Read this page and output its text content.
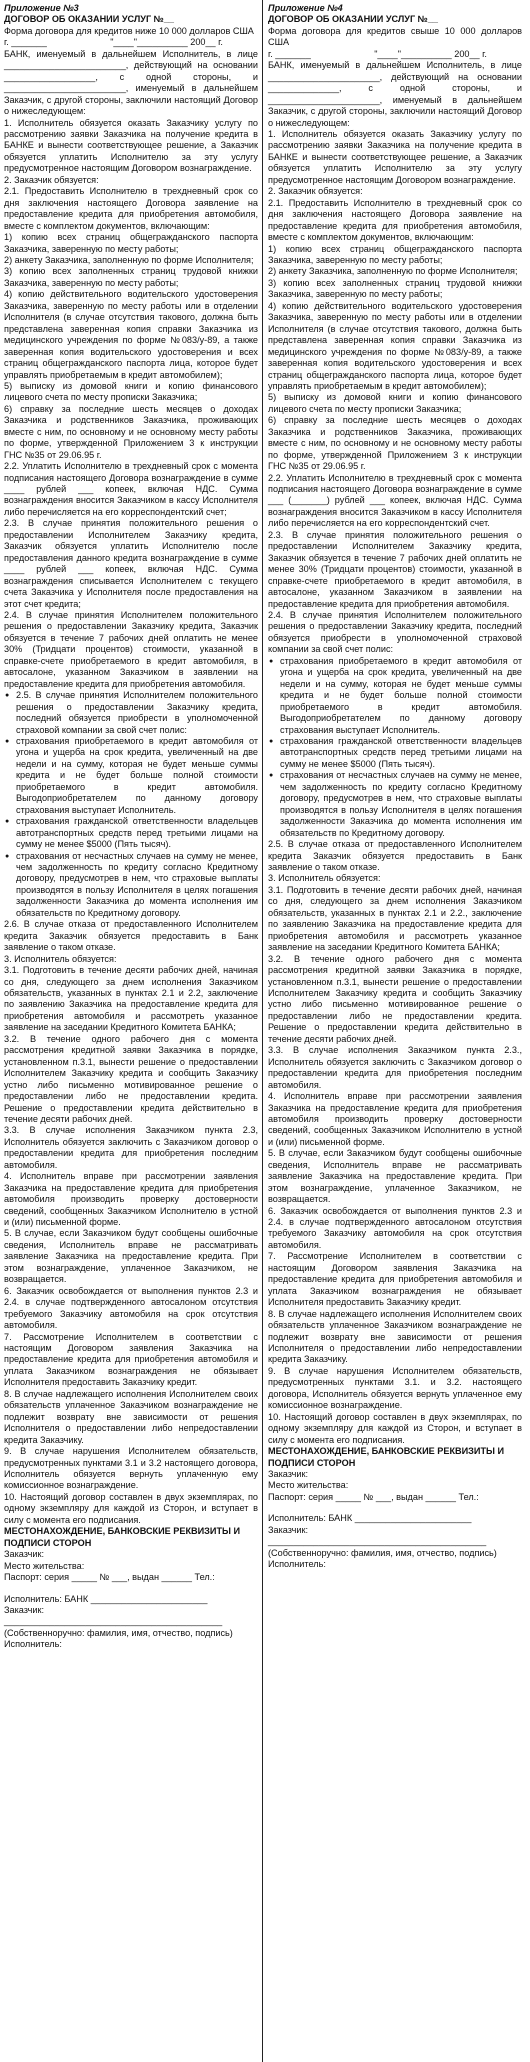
Приложение №3
ДОГОВОР ОБ ОКАЗАНИИ УСЛУГ №__
Форма договора для кредитов ниже 10 000 долларов США
г. _______                         "____"__________ 200__ г.
БАНК, именуемый в дальнейшем Исполнитель, в лице ________________________, действующий на основании __________________, с одной стороны, и ________________________, именуемый в дальнейшем Заказчик, с другой стороны, заключили настоящий Договор о нижеследующем:
1. Исполнитель обязуется оказать Заказчику услугу по рассмотрению заявки Заказчика на получение кредита в БАНКЕ и вынести соответствующее решение, а Заказчик обязуется уплатить Исполнителю за эту услугу предусмотренное настоящим Договором вознаграждение.
2. Заказчик обязуется:
2.1. Предоставить Исполнителю в трехдневный срок со дня заключения настоящего Договора заявление на предоставление кредита для приобретения автомобиля, вместе с комплектом документов, включающим:
1) копию всех страниц общегражданского паспорта Заказчика, заверенную по месту работы;
2) анкету Заказчика, заполненную по форме Исполнителя;
3) копию всех заполненных страниц трудовой книжки Заказчика, заверенную по месту работы;
4) копию действительного водительского удостоверения Заказчика, заверенную по месту работы или в отделении Исполнителя (в случае отсутствия такового, должна быть представлена заверенная копия справки Заказчика из медицинского учреждения по форме №083/у-89, а также заверенная копия водительского удостоверения и всех страниц общегражданского паспорта лица, которое будет управлять приобретаемым в кредит автомобилем);
5) выписку из домовой книги и копию финансового лицевого счета по месту прописки Заказчика;
6) справку за последние шесть месяцев о доходах Заказчика и родственников Заказчика, проживающих вместе с ним, по основному и не основному месту работы по форме, утвержденной Приложением 3 к инструкции ГНС №35 от 29.06.95 г.
2.2. Уплатить Исполнителю в трехдневный срок с момента подписания настоящего Договора вознаграждение в сумме ____ рублей ___ копеек, включая НДС. Сумма вознаграждения вносится Заказчиком в кассу Исполнителя либо перечисляется на его корреспондентский счет;
2.3. В случае принятия положительного решения о предоставлении Исполнителем Заказчику кредита, Заказчик обязуется уплатить Исполнителю после предоставления данного кредита вознаграждение в сумме ____ рублей ___ копеек, включая НДС. Сумма вознаграждения списывается Исполнителем с текущего счета Заказчика у Исполнителя после предоставления на этот счет кредита;
2.4. В случае принятия Исполнителем положительного решения о предоставлении Заказчику кредита, Заказчик обязуется в течение 7 рабочих дней оплатить не менее 30% (Тридцати процентов) стоимости, указанной в справке-счете приобретаемого в кредит автомобиля, в автосалоне, указанном Заказчиком в заявлении на предоставление кредита для приобретения автомобиля.
● 2.5. В случае принятия Исполнителем положительного решения о предоставлении Заказчику кредита, последний обязуется приобрести в уполномоченной страховой компании за свой счет полис:
● страхования приобретаемого в кредит автомобиля от угона и ущерба на срок кредита, увеличенный на две недели и на сумму, которая не будет меньше суммы кредита и не будет больше полной стоимости приобретаемого в кредит автомобиля. Выгодоприобретателем по данному договору страхования выступает Исполнитель.
● страхования гражданской ответственности владельцев автотранспортных средств перед третьими лицами на сумму не менее $5000 (Пять тысяч).
● страхования от несчастных случаев на сумму не менее, чем задолженность по кредиту согласно Кредитному договору, предусмотрев в нем, что страховые выплаты производятся в пользу Исполнителя в целях погашения задолженности Заказчика до момента исполнения им обязательств по Кредитному договору.
2.6. В случае отказа от предоставленного Исполнителем кредита Заказчик обязуется предоставить в Банк заявление о таком отказе.
3. Исполнитель обязуется:
3.1. Подготовить в течение десяти рабочих дней, начиная со дня, следующего за днем исполнения Заказчиком обязательств, указанных в пунктах 2.1 и 2.2, заключение по заявлению Заказчика на предоставление кредита для приобретения автомобиля и рассмотреть указанное заявление на заседании Кредитного Комитета БАНКА;
3.2. В течение одного рабочего дня с момента рассмотрения кредитной заявки Заказчика в порядке, установленном п.3.1, вынести решение о предоставлении Исполнителем Заказчику кредита и сообщить Заказчику устно либо письменно мотивированное решение о предоставлении либо не предоставлении кредита. Решение о предоставлении кредита действительно в течение десяти рабочих дней.
3.3. В случае исполнения Заказчиком пункта 2.3, Исполнитель обязуется заключить с Заказчиком договор о предоставлении кредита для приобретения последним автомобиля.
4. Исполнитель вправе при рассмотрении заявления Заказчика на предоставление кредита для приобретения автомобиля производить проверку достоверности сведений, сообщенных Заказчиком Исполнителю в устной и (или) письменной форме.
5. В случае, если Заказчиком будут сообщены ошибочные сведения, Исполнитель вправе не рассматривать заявление Заказчика на предоставление кредита. При этом вознаграждение, уплаченное Заказчиком, не возвращается.
6. Заказчик освобождается от выполнения пунктов 2.3 и 2.4. в случае подтвержденного автосалоном отсутствия требуемого Заказчику автомобиля на срок отсутствия автомобиля.
7. Рассмотрение Исполнителем в соответствии с настоящим Договором заявления Заказчика на предоставление кредита для приобретения автомобиля и уплата Заказчиком вознаграждения не обязывает Исполнителя предоставить Заказчику кредит.
8. В случае надлежащего исполнения Исполнителем своих обязательств уплаченное Заказчиком вознаграждение не подлежит возврату вне зависимости от решения Исполнителя о предоставлении либо непредоставлении кредита Заказчику.
9. В случае нарушения Исполнителем обязательств, предусмотренных пунктами 3.1 и 3.2 настоящего договора, Исполнитель обязуется вернуть уплаченную ему комиссионное вознаграждение.
10. Настоящий договор составлен в двух экземплярах, по одному экземпляру для каждой из Сторон, и вступает в силу с момента его подписания.
МЕСТОНАХОЖДЕНИЕ, БАНКОВСКИЕ РЕКВИЗИТЫ И ПОДПИСИ СТОРОН
Заказчик:
Место жительства:
Паспорт: серия _____ № ___, выдан ______ Тел.:
Исполнитель: БАНК _______________________
Заказчик:
___________________________________________
(Собственноручно: фамилия, имя, отчество, подпись)
Исполнитель:
Приложение №4
ДОГОВОР ОБ ОКАЗАНИИ УСЛУГ №__
Форма договора для кредитов свыше 10 000 долларов США
г. _______                         "____"__________ 200__ г.
БАНК, именуемый в дальнейшем Исполнитель, в лице ______________________, действующий на основании ______________, с одной стороны, и ______________________, именуемый в дальнейшем Заказчик, с другой стороны, заключили настоящий Договор о нижеследующем:
1. Исполнитель обязуется оказать Заказчику услугу по рассмотрению заявки Заказчика на получение кредита в БАНКЕ и вынести соответствующее решение, а Заказчик обязуется уплатить Исполнителю за эту услугу предусмотренное настоящим Договором вознаграждение.
2. Заказчик обязуется:
2.1. Предоставить Исполнителю в трехдневный срок со дня заключения настоящего Договора заявление на предоставление кредита для приобретения автомобиля, вместе с комплектом документов, включающим:
1) копию всех страниц общегражданского паспорта Заказчика, заверенную по месту работы;
2) анкету Заказчика, заполненную по форме Исполнителя;
3) копию всех заполненных страниц трудовой книжки Заказчика, заверенную по месту работы;
4) копию действительного водительского удостоверения Заказчика, заверенную по месту работы или в отделении Исполнителя (в случае отсутствия такового, должна быть представлена заверенная копия справки Заказчика из медицинского учреждения по форме №083/у-89, а также заверенная копия водительского удостоверения и всех страниц общегражданского паспорта лица, которое будет управлять приобретаемым в кредит автомобилем);
5) выписку из домовой книги и копию финансового лицевого счета по месту прописки Заказчика;
6) справку за последние шесть месяцев о доходах Заказчика и родственников Заказчика, проживающих вместе с ним, по основному и не основному месту работы по форме, утвержденной Приложением 3 к инструкции ГНС №35 от 29.06.95 г.
2.2. Уплатить Исполнителю в трехдневный срок с момента подписания настоящего Договора вознаграждение в сумме ___ (_______) рублей ___ копеек, включая НДС. Сумма вознаграждения вносится Заказчиком в кассу Исполнителя либо перечисляется на его корреспондентский счет.
2.3. В случае принятия положительного решения о предоставлении Исполнителем Заказчику кредита, Заказчик обязуется в течение 7 рабочих дней оплатить не менее 30% (Тридцати процентов) стоимости, указанной в справке-счете приобретаемого в кредит автомобиля, в автосалоне, указанном Заказчиком в заявлении на предоставление кредита для приобретения автомобиля.
2.4. В случае принятия Исполнителем положительного решения о предоставлении Заказчику кредита, последний обязуется приобрести в уполномоченной страховой компании за свой счет полис:
● страхования приобретаемого в кредит автомобиля от угона и ущерба на срок кредита, увеличенный на две недели и на сумму, которая не будет меньше суммы кредита и не будет больше полной стоимости приобретаемого в кредит автомобиля. Выгодоприобретателем по данному договору страхования выступает Исполнитель.
● страхования гражданской ответственности владельцев автотранспортных средств перед третьими лицами на сумму не менее $5000 (Пять тысяч).
● страхования от несчастных случаев на сумму не менее, чем задолженность по кредиту согласно Кредитному договору, предусмотрев в нем, что страховые выплаты производятся в пользу Исполнителя в целях погашения задолженности Заказчика до момента исполнения им обязательств по Кредитному договору.
2.5. В случае отказа от предоставленного Исполнителем кредита Заказчик обязуется предоставить в Банк заявление о таком отказе.
3. Исполнитель обязуется:
3.1. Подготовить в течение десяти рабочих дней, начиная со дня, следующего за днем исполнения Заказчиком обязательств, указанных в пунктах 2.1 и 2.2., заключение по заявлению Заказчика на предоставление кредита для приобретения автомобиля и рассмотреть указанное заявление на заседании Кредитного Комитета БАНКА;
3.2. В течение одного рабочего дня с момента рассмотрения кредитной заявки Заказчика в порядке, установленном п.3.1, вынести решение о предоставлении Исполнителем Заказчику кредита и сообщить Заказчику устно либо письменно мотивированное решение о предоставлении либо не предоставлении кредита. Решение о предоставлении кредита действительно в течение десяти рабочих дней.
3.3. В случае исполнения Заказчиком пункта 2.3., Исполнитель обязуется заключить с Заказчиком договор о предоставлении кредита для приобретения последним автомобиля.
4. Исполнитель вправе при рассмотрении заявления Заказчика на предоставление кредита для приобретения автомобиля производить проверку достоверности сведений, сообщенных Заказчиком Исполнителю в устной и (или) письменной форме.
5. В случае, если Заказчиком будут сообщены ошибочные сведения, Исполнитель вправе не рассматривать заявление Заказчика на предоставление кредита. При этом вознаграждение, уплаченное Заказчиком, не возвращается.
6. Заказчик освобождается от выполнения пунктов 2.3 и 2.4. в случае подтвержденного автосалоном отсутствия требуемого Заказчику автомобиля на срок отсутствия автомобиля.
7. Рассмотрение Исполнителем в соответствии с настоящим Договором заявления Заказчика на предоставление кредита для приобретения автомобиля и уплата Заказчиком вознаграждения не обязывает Исполнителя предоставить Заказчику кредит.
8. В случае надлежащего исполнения Исполнителем своих обязательств уплаченное Заказчиком вознаграждение не подлежит возврату вне зависимости от решения Исполнителя о предоставлении либо непредоставлении кредита Заказчику.
9. В случае нарушения Исполнителем обязательств, предусмотренных пунктами 3.1. и 3.2. настоящего договора, Исполнитель обязуется вернуть уплаченное ему комиссионное вознаграждение.
10. Настоящий договор составлен в двух экземплярах, по одному экземпляру для каждой из Сторон, и вступает в силу с момента его подписания.
МЕСТОНАХОЖДЕНИЕ, БАНКОВСКИЕ РЕКВИЗИТЫ И ПОДПИСИ СТОРОН
Заказчик:
Место жительства:
Паспорт: серия _____ № ___, выдан ______ Тел.:
Исполнитель: БАНК _______________________
Заказчик:
___________________________________________
(Собственноручно: фамилия, имя, отчество, подпись)
Исполнитель:
